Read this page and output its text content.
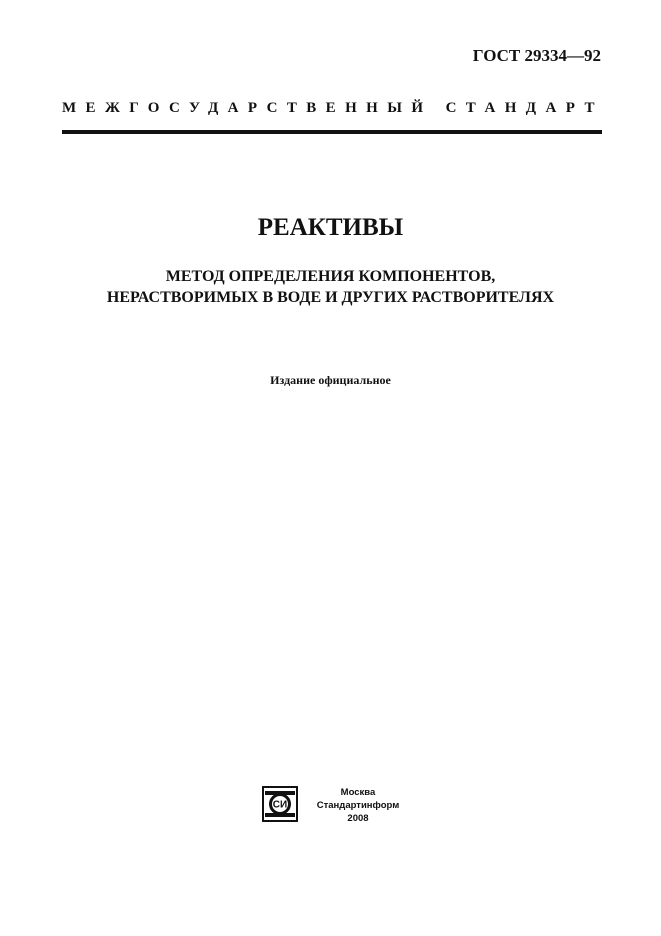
ГОСТ 29334—92
МЕЖГОСУДАРСТВЕННЫЙ СТАНДАРТ
РЕАКТИВЫ
МЕТОД ОПРЕДЕЛЕНИЯ КОМПОНЕНТОВ,
НЕРАСТВОРИМЫХ В ВОДЕ И ДРУГИХ РАСТВОРИТЕЛЯХ
Издание официальное
СИ
Москва
Стандартинформ
2008
